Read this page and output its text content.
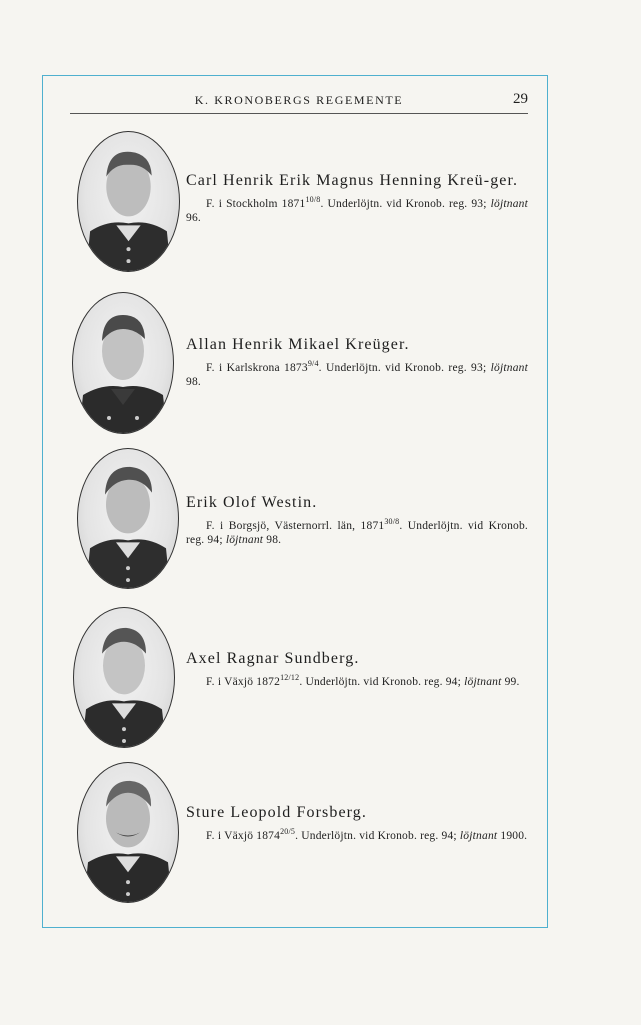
K. KRONOBERGS REGEMENTE	29

Carl Henrik Erik Magnus Henning Kreü-ger.

F. i Stockholm $1871^{10/8}$. Underlöjtn. vid Kronob. reg. 93; löjtnant 96.

Allan Henrik Mikael Kreüger.

F. i Karlskrona $1873^{9/4}$. Underlöjtn. vid Kronob. reg. 93; löjtnant 98.

Erik Olof Westin.

F. i Borgsjö, Västernorrl. län, $1871^{30/8}$. Underlöjtn. vid Kronob. reg. 94; löjtnant 98.

Axel Ragnar Sundberg.

F. i Växjö $1872^{12/12}$. Underlöjtn. vid Kronob. reg. 94; löjtnant 99.

Sture Leopold Forsberg.

F. i Växjö $1874^{20/5}$. Underlöjtn. vid Kronob. reg. 94; löjtnant 1900.
